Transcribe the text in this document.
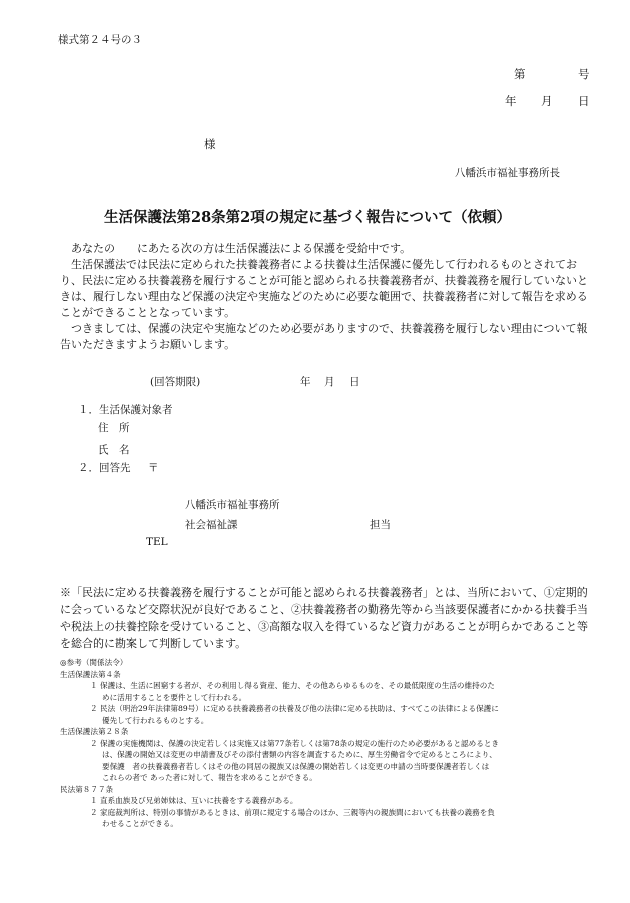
様式第２４号の３
第	号
年 月 日
様
八幡浜市福祉事務所長
生活保護法第28条第2項の規定に基づく報告について（依頼）

　あなたの　　にあたる次の方は生活保護法による保護を受給中です。

　生活保護法では民法に定められた扶養義務者による扶養は生活保護に優先して行われるものとされており、民法に定める扶養義務を履行することが可能と認められる扶養義務者が、扶養義務を履行していないときは、履行しない理由など保護の決定や実施などのために必要な範囲で、扶養義務者に対して報告を求めることができることとなっています。

　つきましては、保護の決定や実施などのため必要がありますので、扶養義務を履行しない理由について報告いただきますようお願いします。

(回答期限)	年 月 日
１．生活保護対象者
住　所
氏　名
２．回答先 〒
八幡浜市福祉事務所
社会福祉課	担当
TEL
※「民法に定める扶養義務を履行することが可能と認められる扶養義務者」とは、当所において、①定期的に会っているなど交際状況が良好であること、②扶養義務者の勤務先等から当該要保護者にかかる扶養手当や税法上の扶養控除を受けていること、③高額な収入を得ているなど資力があることが明らかであること等を総合的に勘案して判断しています。
◎参考（関係法令）
生活保護法第４条
１ 保護は、生活に困窮する者が、その利用し得る資産、能力、その他あらゆるものを、その最低限度の生活の維持のた
めに活用することを要件として行われる。
２ 民法（明治29年法律第89号）に定める扶養義務者の扶養及び他の法律に定める扶助は、すべてこの法律による保護に
優先して行われるものとする。
生活保護法第２８条
２ 保護の実施機関は、保護の決定若しくは実施又は第77条若しくは第78条の規定の施行のため必要があると認めるとき
は、保護の開始又は変更の申請書及びその添付書類の内容を調査するために、厚生労働省令で定めるところにより、
要保護　者の扶養義務者若しくはその他の同居の親族又は保護の開始若しくは変更の申請の当時要保護者若しくは
これらの者で あった者に対して、報告を求めることができる。
民法第８７７条
１ 直系血族及び兄弟姉妹は、互いに扶養をする義務がある。
２ 家庭裁判所は、特別の事情があるときは、前項に規定する場合のほか、三親等内の親族間においても扶養の義務を負
わせることができる。
